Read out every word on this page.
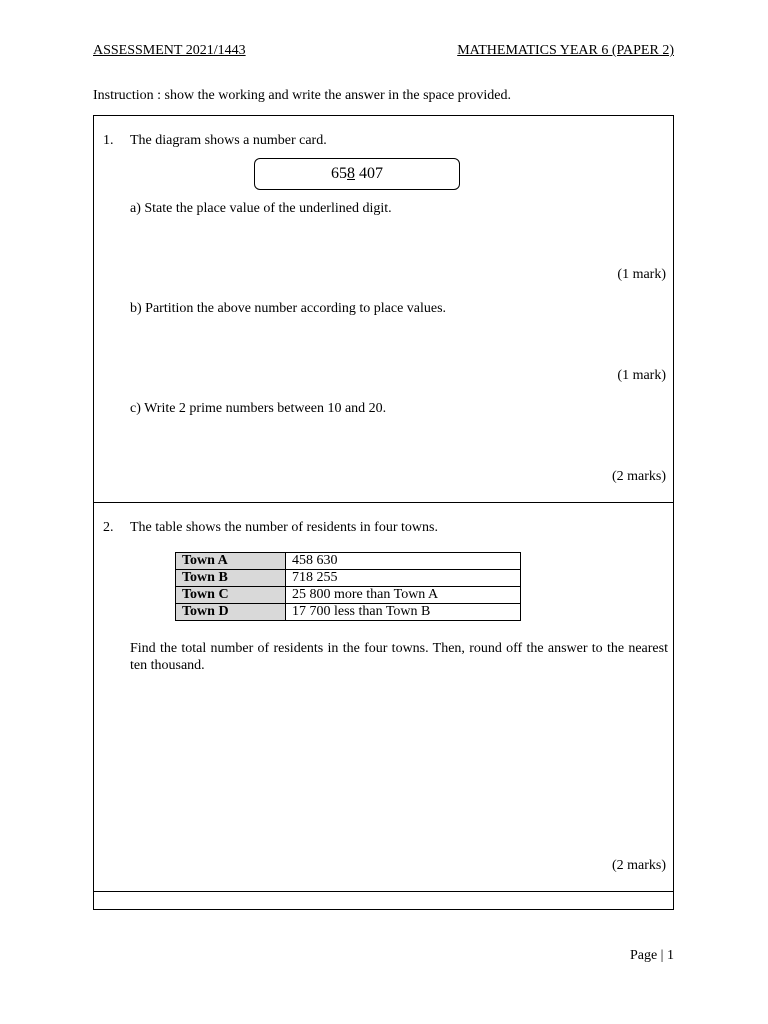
ASSESSMENT 2021/1443	MATHEMATICS YEAR 6 (PAPER 2)
Instruction : show the working and write the answer in the space provided.
1. The diagram shows a number card.
658 407
a) State the place value of the underlined digit.
(1 mark)
b) Partition the above number according to place values.
(1 mark)
c) Write 2 prime numbers between 10 and 20.
(2 marks)
2. The table shows the number of residents in four towns.
Town A	458 630
Town B	718 255
Town C	25 800 more than Town A
Town D	17 700 less than Town B
Find the total number of residents in the four towns. Then, round off the answer to the nearest ten thousand.
(2 marks)
Page | 1
